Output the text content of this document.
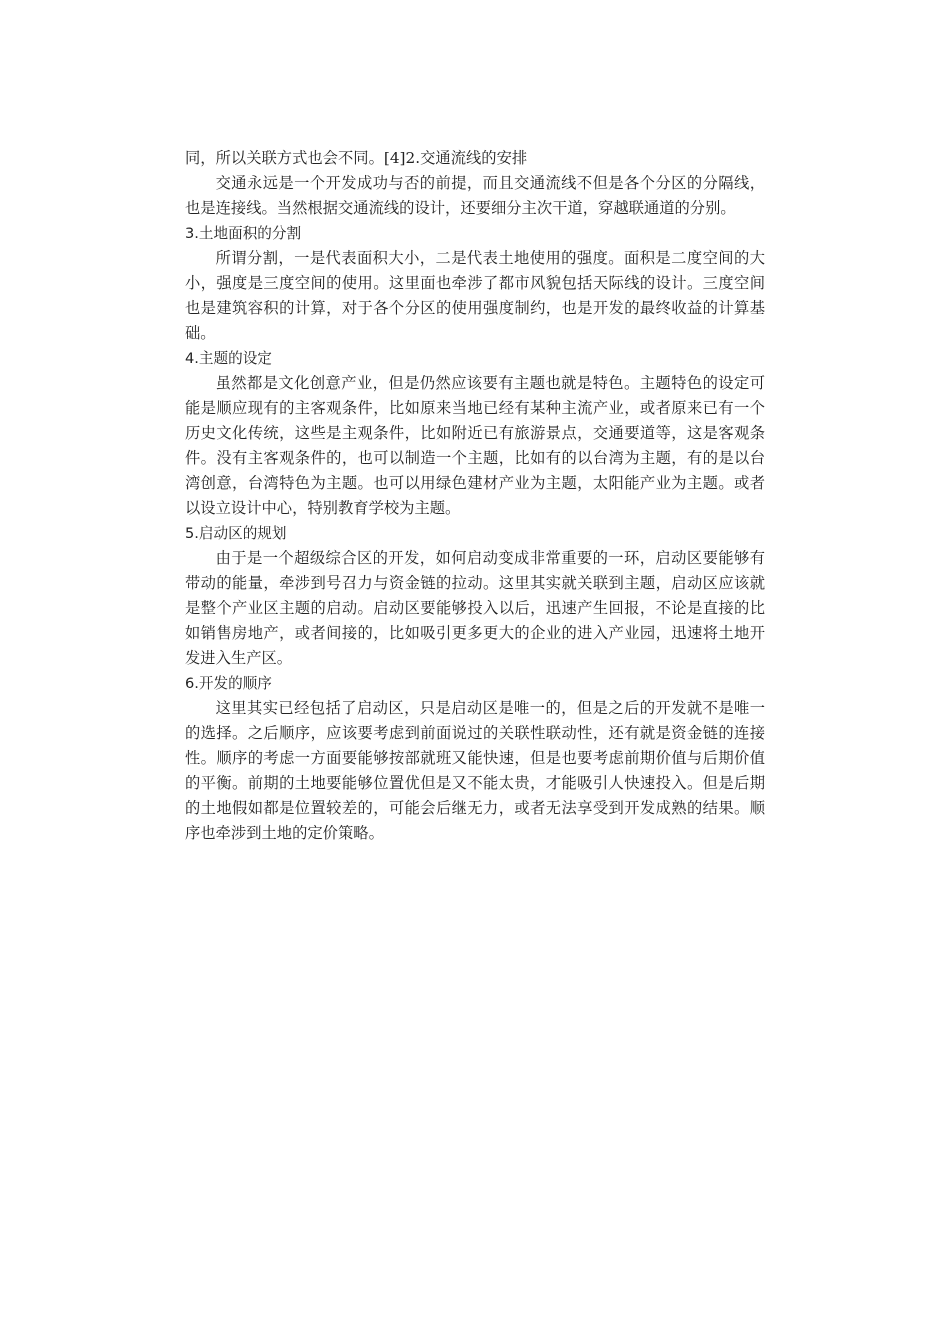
同，所以关联方式也会不同。[4]2.交通流线的安排

交通永远是一个开发成功与否的前提，而且交通流线不但是各个分区的分隔线，也是连接线。当然根据交通流线的设计，还要细分主次干道，穿越联通道的分别。

3.土地面积的分割

所谓分割，一是代表面积大小，二是代表土地使用的强度。面积是二度空间的大小，强度是三度空间的使用。这里面也牵涉了都市风貌包括天际线的设计。三度空间也是建筑容积的计算，对于各个分区的使用强度制约，也是开发的最终收益的计算基础。

4.主题的设定

虽然都是文化创意产业，但是仍然应该要有主题也就是特色。主题特色的设定可能是顺应现有的主客观条件，比如原来当地已经有某种主流产业，或者原来已有一个历史文化传统，这些是主观条件，比如附近已有旅游景点，交通要道等，这是客观条件。没有主客观条件的，也可以制造一个主题，比如有的以台湾为主题，有的是以台湾创意，台湾特色为主题。也可以用绿色建材产业为主题，太阳能产业为主题。或者以设立设计中心，特别教育学校为主题。

5.启动区的规划

由于是一个超级综合区的开发，如何启动变成非常重要的一环，启动区要能够有带动的能量，牵涉到号召力与资金链的拉动。这里其实就关联到主题，启动区应该就是整个产业区主题的启动。启动区要能够投入以后，迅速产生回报，不论是直接的比如销售房地产，或者间接的，比如吸引更多更大的企业的进入产业园，迅速将土地开发进入生产区。

6.开发的顺序

这里其实已经包括了启动区，只是启动区是唯一的，但是之后的开发就不是唯一的选择。之后顺序，应该要考虑到前面说过的关联性联动性，还有就是资金链的连接性。顺序的考虑一方面要能够按部就班又能快速，但是也要考虑前期价值与后期价值的平衡。前期的土地要能够位置优但是又不能太贵，才能吸引人快速投入。但是后期的土地假如都是位置较差的，可能会后继无力，或者无法享受到开发成熟的结果。顺序也牵涉到土地的定价策略。
